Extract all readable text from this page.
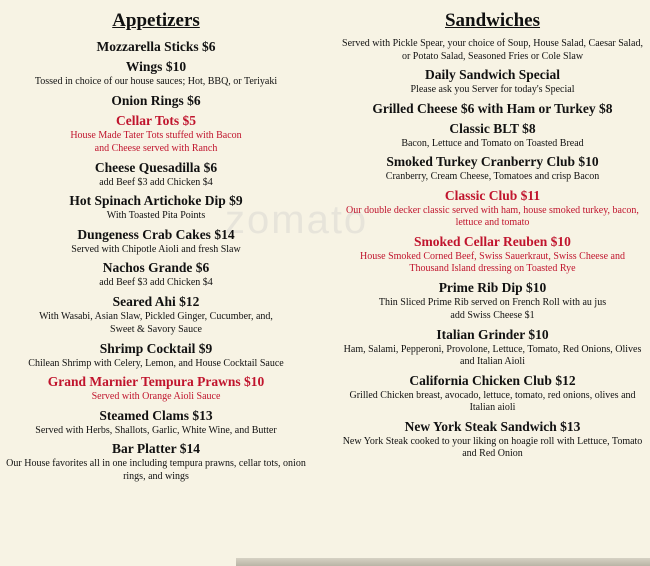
zomato
Appetizers
Mozzarella Sticks $6
Wings $10
Tossed in choice of our house sauces; Hot, BBQ, or Teriyaki
Onion Rings $6
Cellar Tots $5
House Made Tater Tots stuffed with Bacon
and Cheese served with Ranch
Cheese Quesadilla $6
add Beef $3 add Chicken $4
Hot Spinach Artichoke Dip $9
With Toasted Pita Points
Dungeness Crab Cakes $14
Served with Chipotle Aioli and fresh Slaw
Nachos Grande $6
add Beef $3 add Chicken $4
Seared Ahi $12
With Wasabi, Asian Slaw, Pickled Ginger, Cucumber, and,
Sweet & Savory Sauce
Shrimp Cocktail $9
Chilean Shrimp with Celery, Lemon, and House Cocktail Sauce
Grand Marnier Tempura Prawns $10
Served with Orange Aioli Sauce
Steamed Clams $13
Served with Herbs, Shallots, Garlic, White Wine, and Butter
Bar Platter $14
Our House favorites all in one including tempura prawns, cellar tots, onion rings, and wings
Sandwiches
Served with Pickle Spear, your choice of Soup, House Salad, Caesar Salad, or Potato Salad, Seasoned Fries or Cole Slaw
Daily Sandwich Special
Please ask you Server for today's Special
Grilled Cheese $6 with Ham or Turkey $8
Classic BLT $8
Bacon, Lettuce and Tomato on Toasted Bread
Smoked Turkey Cranberry Club $10
Cranberry, Cream Cheese, Tomatoes and crisp Bacon
Classic Club $11
Our double decker classic served with ham, house smoked turkey, bacon, lettuce and tomato
Smoked Cellar Reuben $10
House Smoked Corned Beef, Swiss Sauerkraut, Swiss Cheese and Thousand Island dressing on Toasted Rye
Prime Rib Dip $10
Thin Sliced Prime Rib served on French Roll with au jus
add Swiss Cheese $1
Italian Grinder $10
Ham, Salami, Pepperoni, Provolone, Lettuce, Tomato, Red Onions, Olives and Italian Aioli
California Chicken Club $12
Grilled Chicken breast, avocado, lettuce, tomato, red onions, olives and Italian aioli
New York Steak Sandwich $13
New York Steak cooked to your liking on hoagie roll with Lettuce, Tomato and Red Onion
